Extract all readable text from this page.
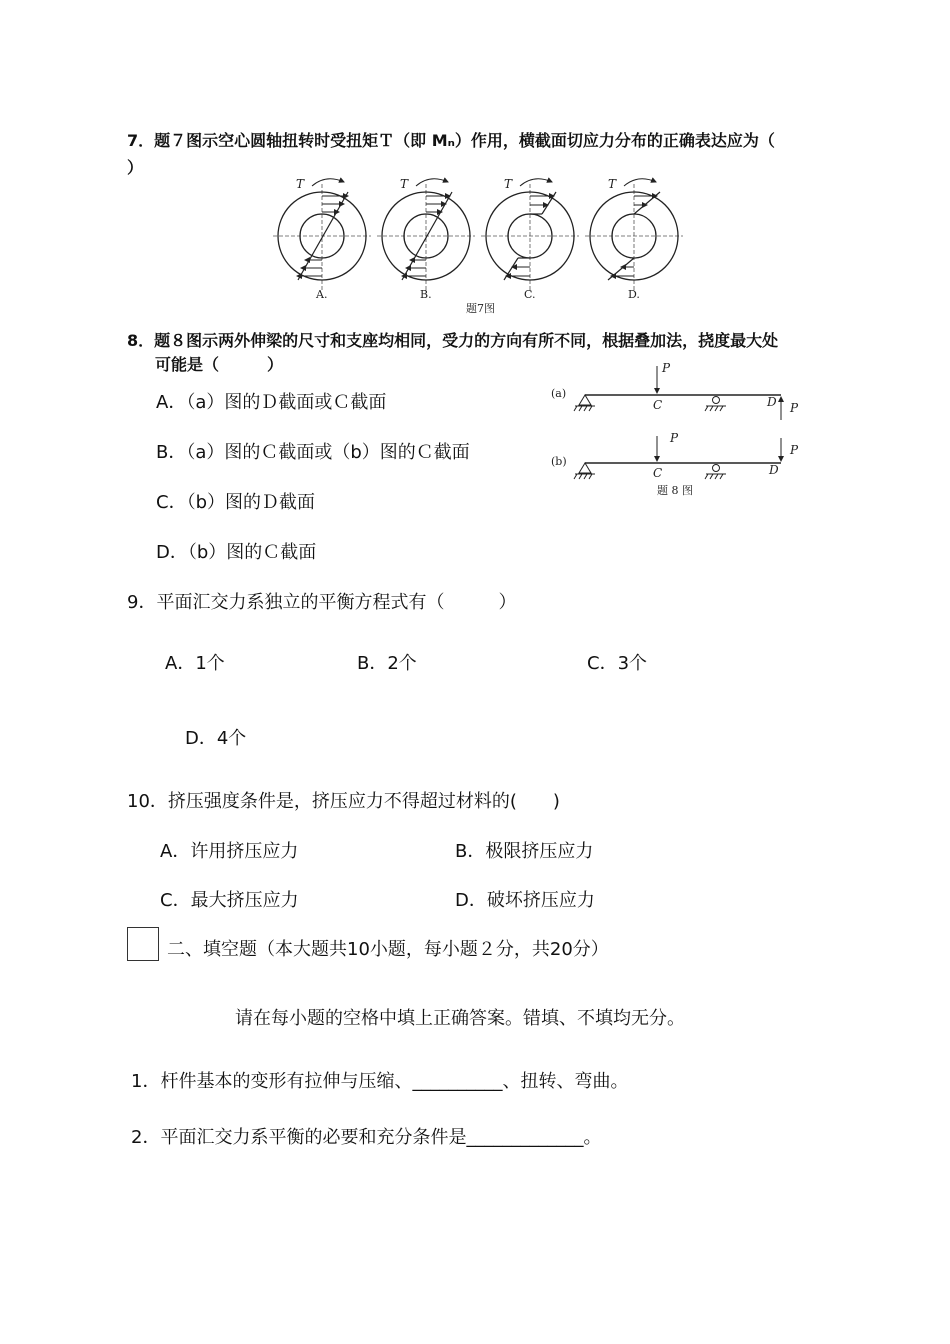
7．题７图示空心圆轴扭转时受扭矩Ｔ（即 Mₙ）作用，横截面切应力分布的正确表达应为（
）
T
A.
T
B.
T
C.
T
D.
题7图
8．题８图示两外伸梁的尺寸和支座均相同，受力的方向有所不同，根据叠加法，挠度最大处
可能是（　　　）
A．（a）图的Ｄ截面或Ｃ截面
B．（a）图的Ｃ截面或（b）图的Ｃ截面
C．（b）图的Ｄ截面
D．（b）图的Ｃ截面
(a)
P
C	P
D
(b)
P
C
P
D
题 8 图
9．平面汇交力系独立的平衡方程式有（　　　）
A．1个	B．2个	C．3个
D．4个
10．挤压强度条件是，挤压应力不得超过材料的(　　)
A．许用挤压应力	B．极限挤压应力
C．最大挤压应力	D．破坏挤压应力
二、填空题（本大题共10小题，每小题２分，共20分）
请在每小题的空格中填上正确答案。错填、不填均无分。
1．杆件基本的变形有拉伸与压缩、__________、扭转、弯曲。
2．平面汇交力系平衡的必要和充分条件是_____________。
